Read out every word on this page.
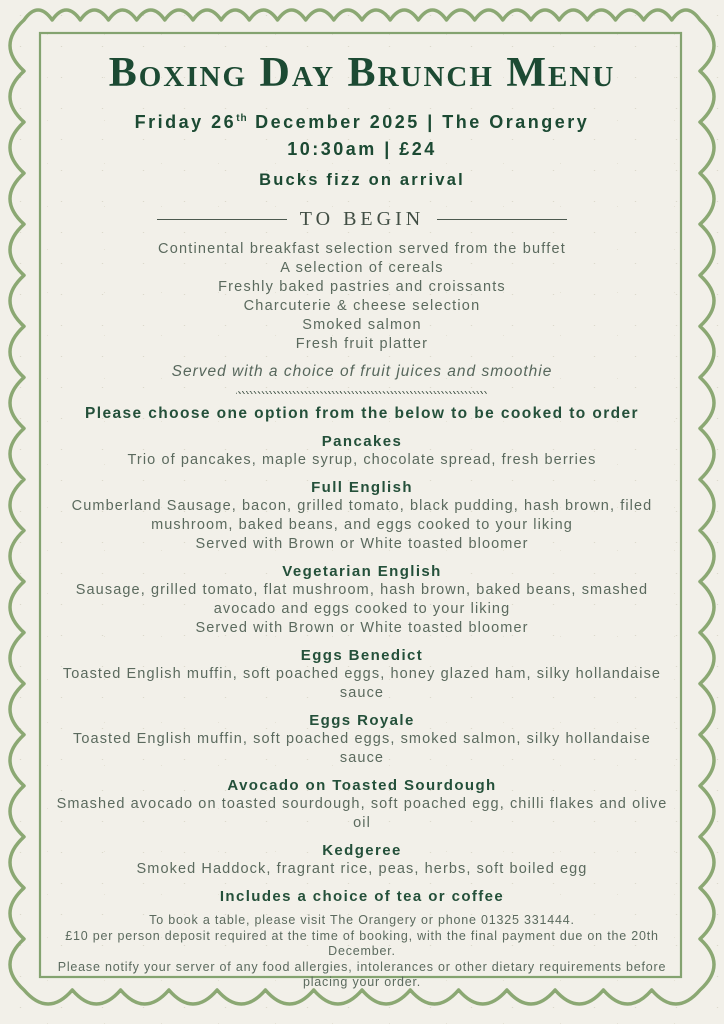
Boxing Day Brunch Menu
Friday 26th December 2025 | The Orangery
10:30am | £24
Bucks fizz on arrival
TO BEGIN
Continental breakfast selection served from the buffet
A selection of cereals
Freshly baked pastries and croissants
Charcuterie & cheese selection
Smoked salmon
Fresh fruit platter
Served with a choice of fruit juices and smoothie
Please choose one option from the below to be cooked to order
Pancakes
Trio of pancakes, maple syrup, chocolate spread, fresh berries
Full English
Cumberland Sausage, bacon, grilled tomato, black pudding, hash brown, filed mushroom, baked beans, and eggs cooked to your liking
Served with Brown or White toasted bloomer
Vegetarian English
Sausage, grilled tomato, flat mushroom, hash brown, baked beans, smashed avocado and eggs cooked to your liking
Served with Brown or White toasted bloomer
Eggs Benedict
Toasted English muffin, soft poached eggs, honey glazed ham, silky hollandaise sauce
Eggs Royale
Toasted English muffin, soft poached eggs, smoked salmon, silky hollandaise sauce
Avocado on Toasted Sourdough
Smashed avocado on toasted sourdough, soft poached egg, chilli flakes and olive oil
Kedgeree
Smoked Haddock, fragrant rice, peas, herbs, soft boiled egg
Includes a choice of tea or coffee
To book a table, please visit The Orangery or phone 01325 331444.
£10 per person deposit required at the time of booking, with the final payment due on the 20th December.
Please notify your server of any food allergies, intolerances or other dietary requirements before placing your order.
